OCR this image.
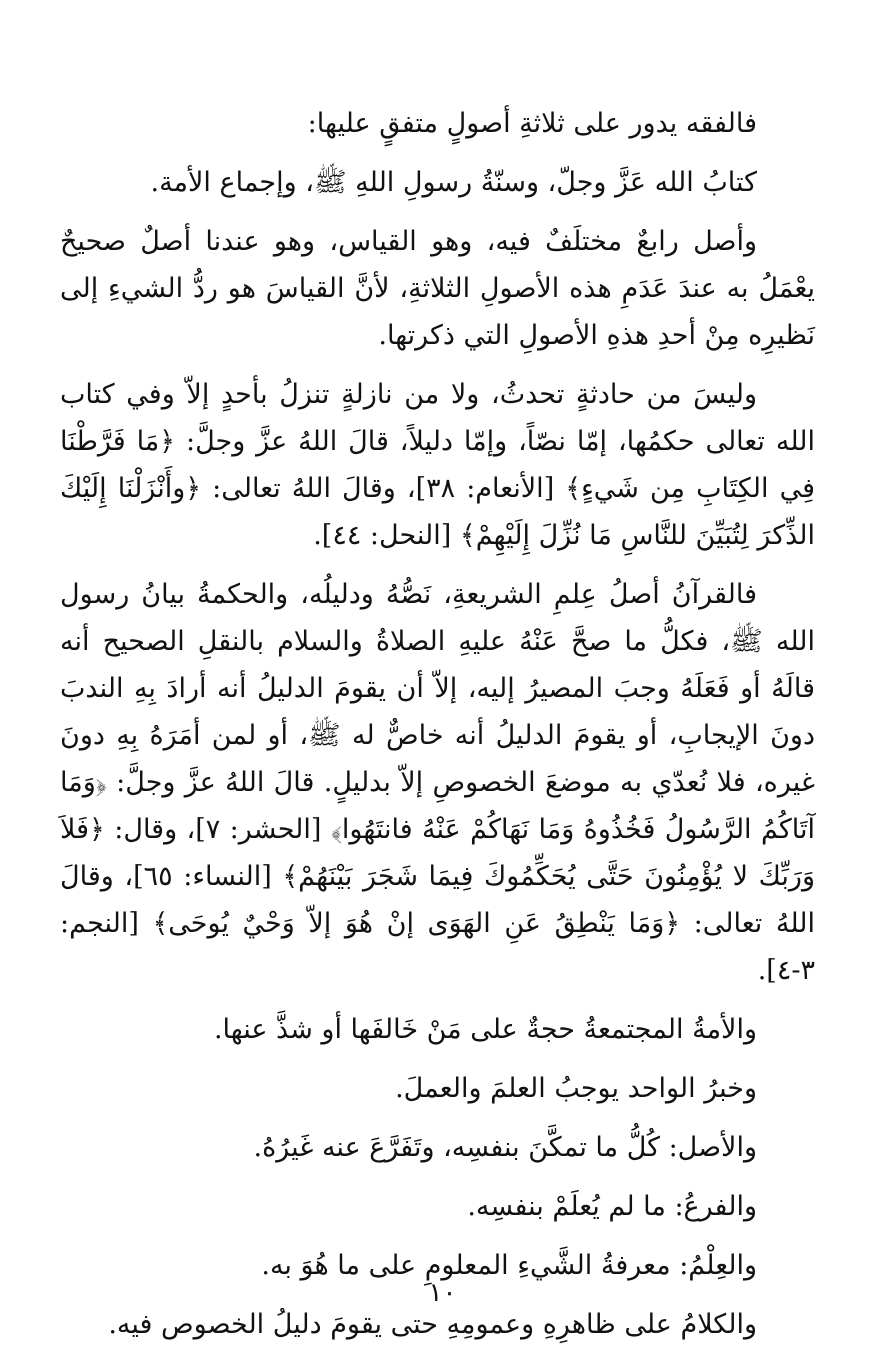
فالفقه يدور على ثلاثةِ أصولٍ متفقٍ عليها:

كتابُ الله عَزَّ وجلّ، وسنّةُ رسولِ اللهِ ﷺ، وإجماع الأمة.

وأصل رابعٌ مختلَفٌ فيه، وهو القياس، وهو عندنا أصلٌ صحيحٌ يعْمَلُ به عندَ عَدَمِ هذه الأصولِ الثلاثةِ، لأنَّ القياسَ هو ردُّ الشيءِ إلى نَظيرِه مِنْ أحدِ هذهِ الأصولِ التي ذكرتها.

وليسَ من حادثةٍ تحدثُ، ولا من نازلةٍ تنزلُ بأحدٍ إلاّ وفي كتاب الله تعالى حكمُها، إمّا نصّاً، وإمّا دليلاً، قالَ اللهُ عزَّ وجلَّ: ﴿مَا فَرَّطْنَا فِي الكِتَابِ مِن شَيءٍ﴾ [الأنعام: ٣٨]، وقالَ اللهُ تعالى: ﴿وأَنْزَلْنَا إِلَيْكَ الذِّكرَ لِتُبَيِّنَ للنَّاسِ مَا نُزِّلَ إِلَيْهِمْ﴾ [النحل: ٤٤].

فالقرآنُ أصلُ عِلمِ الشريعةِ، نَصُّهُ ودليلُه، والحكمةُ بيانُ رسول الله ﷺ، فكلُّ ما صحَّ عَنْهُ عليهِ الصلاةُ والسلام بالنقلِ الصحيح أنه قالَهُ أو فَعَلَهُ وجبَ المصيرُ إليه، إلاّ أن يقومَ الدليلُ أنه أرادَ بِهِ الندبَ دونَ الإيجابِ، أو يقومَ الدليلُ أنه خاصٌّ له ﷺ، أو لمن أمَرَهُ بِهِ دونَ غيره، فلا نُعدّي به موضعَ الخصوصِ إلاّ بدليلٍ. قالَ اللهُ عزَّ وجلَّ: ﴿وَمَا آتَاكُمُ الرَّسُولُ فَخُذُوهُ وَمَا نَهَاكُمْ عَنْهُ فانتَهُوا﴾ [الحشر: ٧]، وقال: ﴿فَلاَ وَرَبِّكَ لا يُؤْمِنُونَ حَتَّى يُحَكِّمُوكَ فِيمَا شَجَرَ بَيْنَهُمْ﴾ [النساء: ٦٥]، وقالَ اللهُ تعالى: ﴿وَمَا يَنْطِقُ عَنِ الهَوَى إنْ هُوَ إلاّ وَحْيٌ يُوحَى﴾ [النجم: ٣-٤].

والأمةُ المجتمعةُ حجةٌ على مَنْ خَالفَها أو شذَّ عنها.

وخبرُ الواحد يوجبُ العلمَ والعملَ.

والأصل: كُلُّ ما تمكَّنَ بنفسِه، وتَفَرَّعَ عنه غَيرُهُ.

والفرعُ: ما لم يُعلَمْ بنفسِه.

والعِلْمُ: معرفةُ الشَّيءِ المعلومِ على ما هُوَ به.

والكلامُ على ظاهرِهِ وعمومِهِ حتى يقومَ دليلُ الخصوص فيه.

١٠
